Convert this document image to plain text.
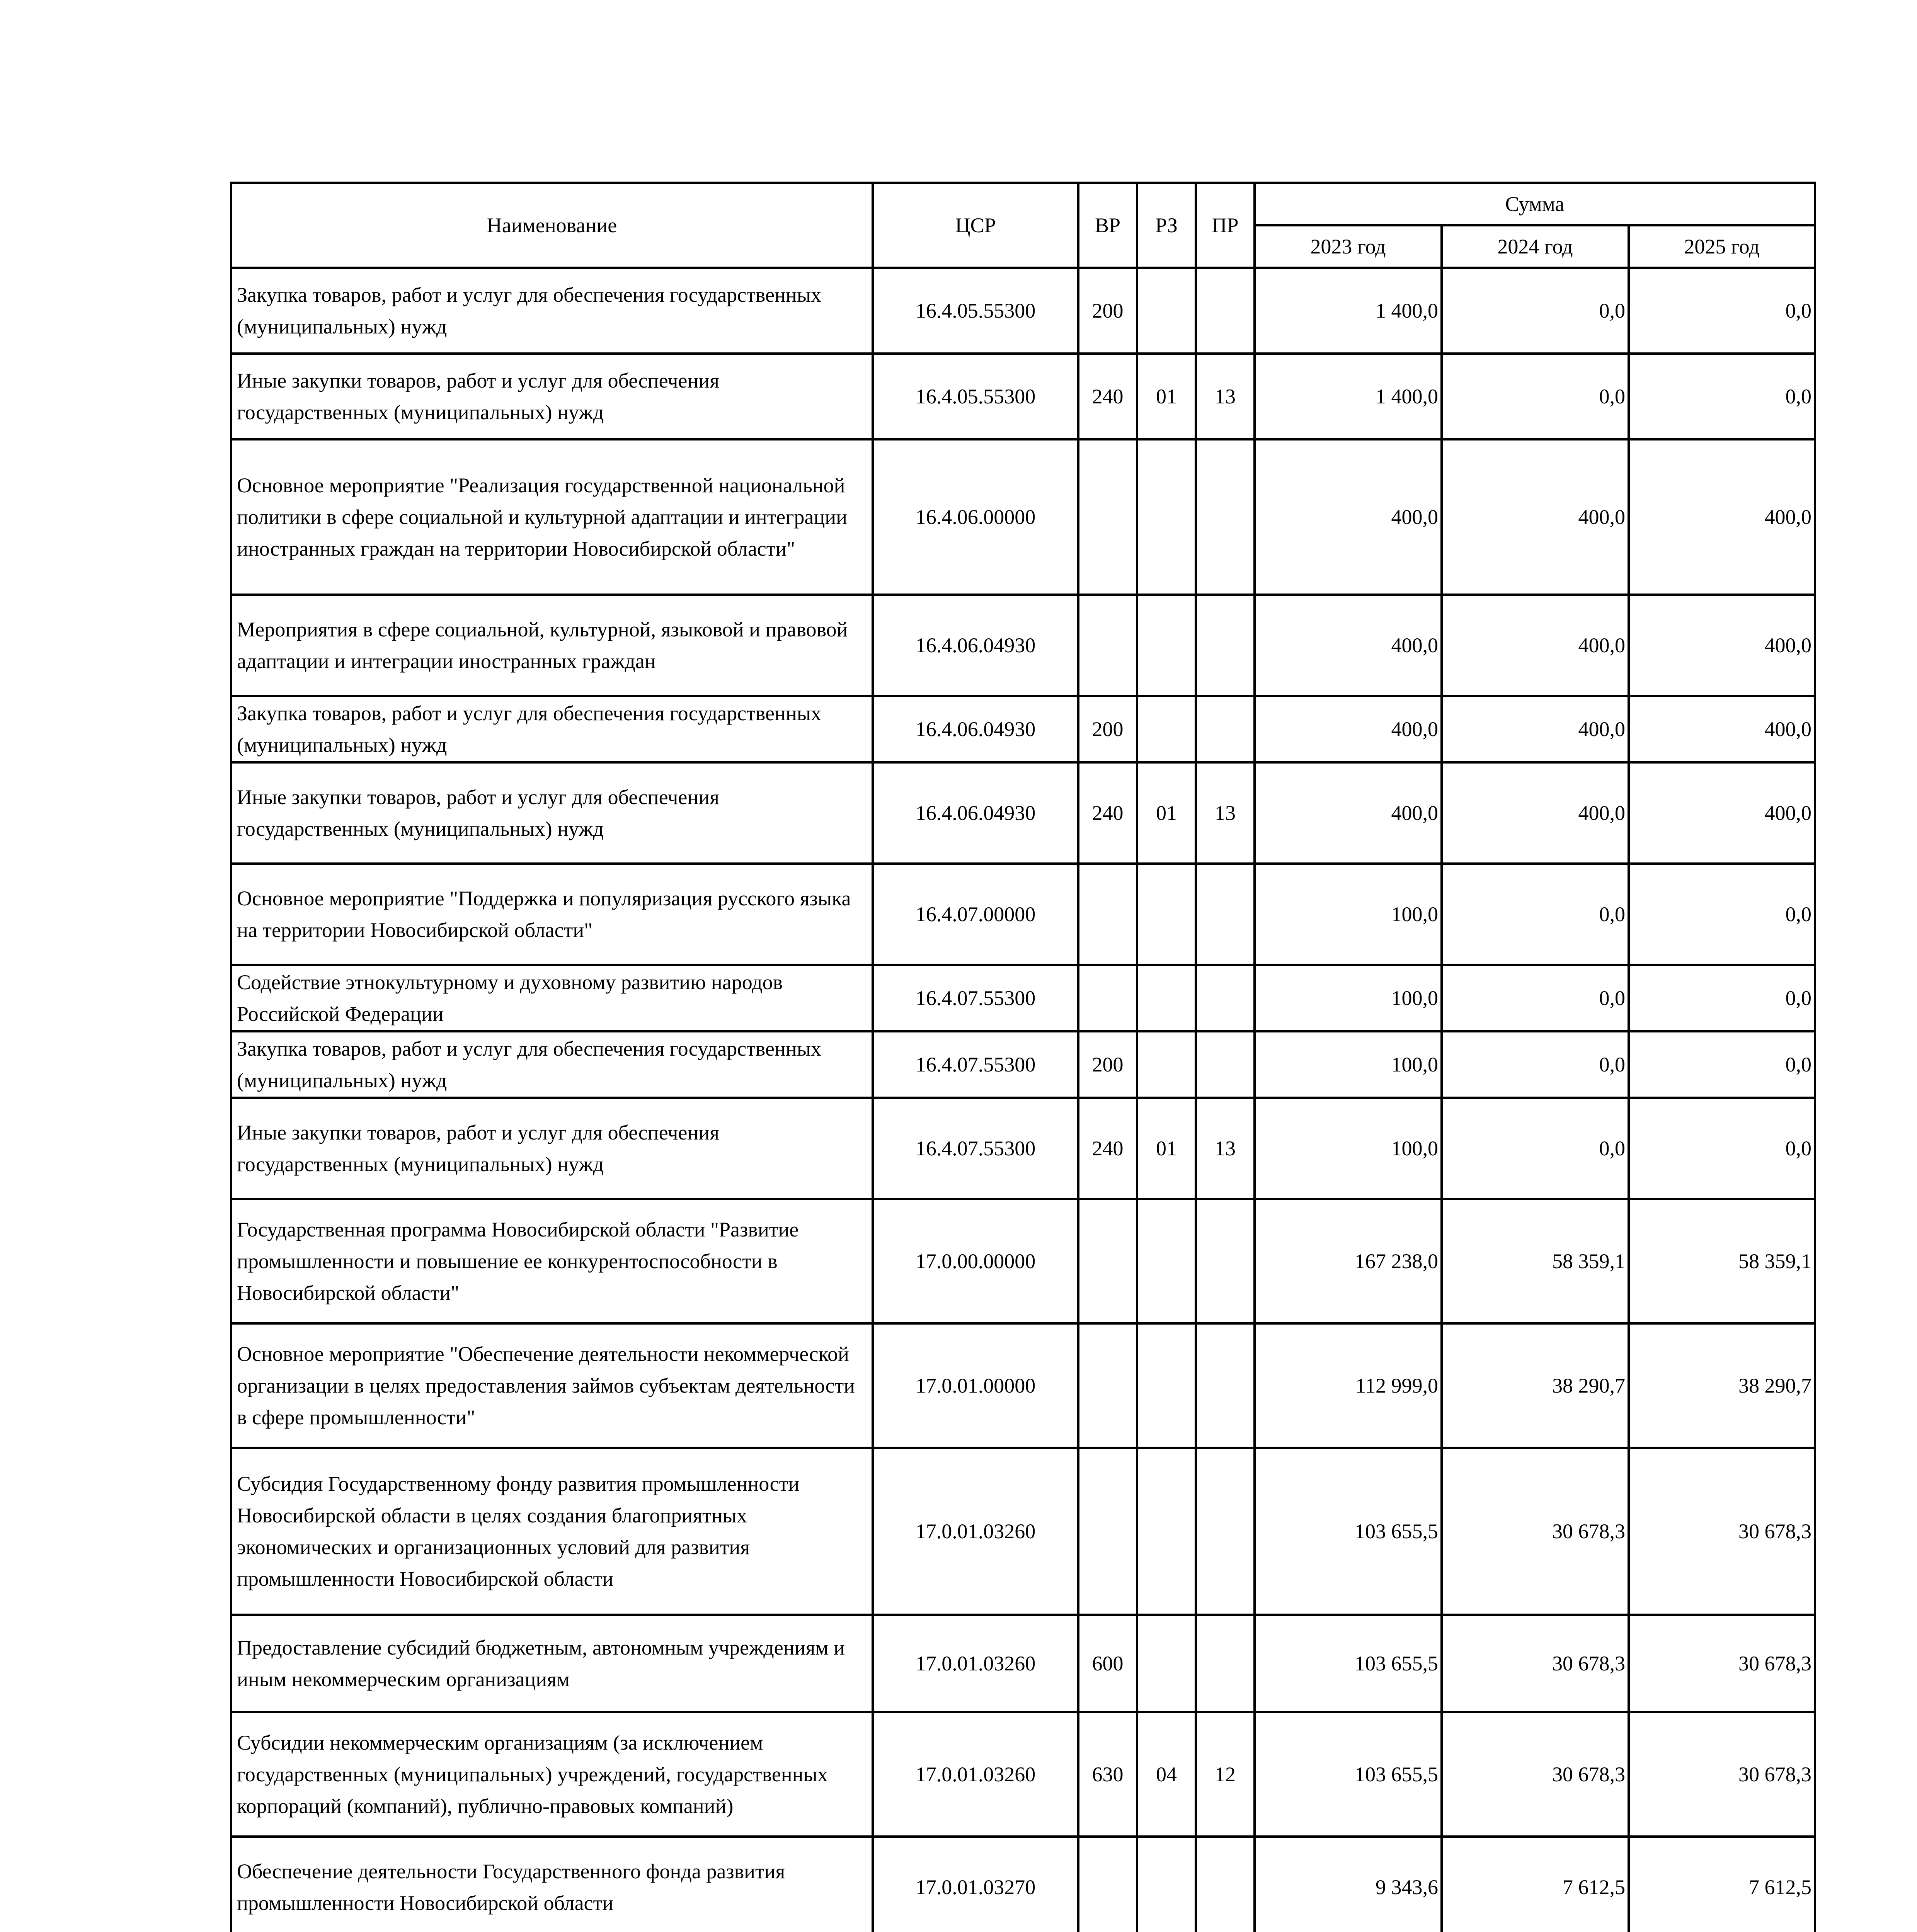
Наименование	ЦСР	ВР	РЗ	ПР	Сумма		
					2023 год	2024 год	2025 год
Закупка товаров, работ и услуг для обеспечения государственных (муниципальных) нужд	16.4.05.55300	200			1 400,0	0,0	0,0
Иные закупки товаров, работ и услуг для обеспечения государственных (муниципальных) нужд	16.4.05.55300	240	01	13	1 400,0	0,0	0,0
Основное мероприятие "Реализация государственной национальной политики в сфере социальной и культурной адаптации и интеграции иностранных граждан на территории Новосибирской области"	16.4.06.00000				400,0	400,0	400,0
Мероприятия в сфере социальной, культурной, языковой и правовой адаптации и интеграции иностранных граждан	16.4.06.04930				400,0	400,0	400,0
Закупка товаров, работ и услуг для обеспечения государственных (муниципальных) нужд	16.4.06.04930	200			400,0	400,0	400,0
Иные закупки товаров, работ и услуг для обеспечения государственных (муниципальных) нужд	16.4.06.04930	240	01	13	400,0	400,0	400,0
Основное мероприятие "Поддержка и популяризация русского языка на территории Новосибирской области"	16.4.07.00000				100,0	0,0	0,0
Содействие этнокультурному и духовному развитию народов Российской Федерации	16.4.07.55300				100,0	0,0	0,0
Закупка товаров, работ и услуг для обеспечения государственных (муниципальных) нужд	16.4.07.55300	200			100,0	0,0	0,0
Иные закупки товаров, работ и услуг для обеспечения государственных (муниципальных) нужд	16.4.07.55300	240	01	13	100,0	0,0	0,0
Государственная программа Новосибирской области "Развитие промышленности и повышение ее конкурентоспособности в Новосибирской области"	17.0.00.00000				167 238,0	58 359,1	58 359,1
Основное мероприятие "Обеспечение деятельности некоммерческой организации в целях предоставления займов субъектам деятельности в сфере промышленности"	17.0.01.00000				112 999,0	38 290,7	38 290,7
Субсидия Государственному фонду развития промышленности Новосибирской области в целях создания благоприятных экономических и организационных условий для развития промышленности Новосибирской области	17.0.01.03260				103 655,5	30 678,3	30 678,3
Предоставление субсидий бюджетным, автономным учреждениям и иным некоммерческим организациям	17.0.01.03260	600			103 655,5	30 678,3	30 678,3
Субсидии некоммерческим организациям (за исключением государственных (муниципальных) учреждений, государственных корпораций (компаний), публично-правовых компаний)	17.0.01.03260	630	04	12	103 655,5	30 678,3	30 678,3
Обеспечение деятельности Государственного фонда развития промышленности Новосибирской области	17.0.01.03270				9 343,6	7 612,5	7 612,5
